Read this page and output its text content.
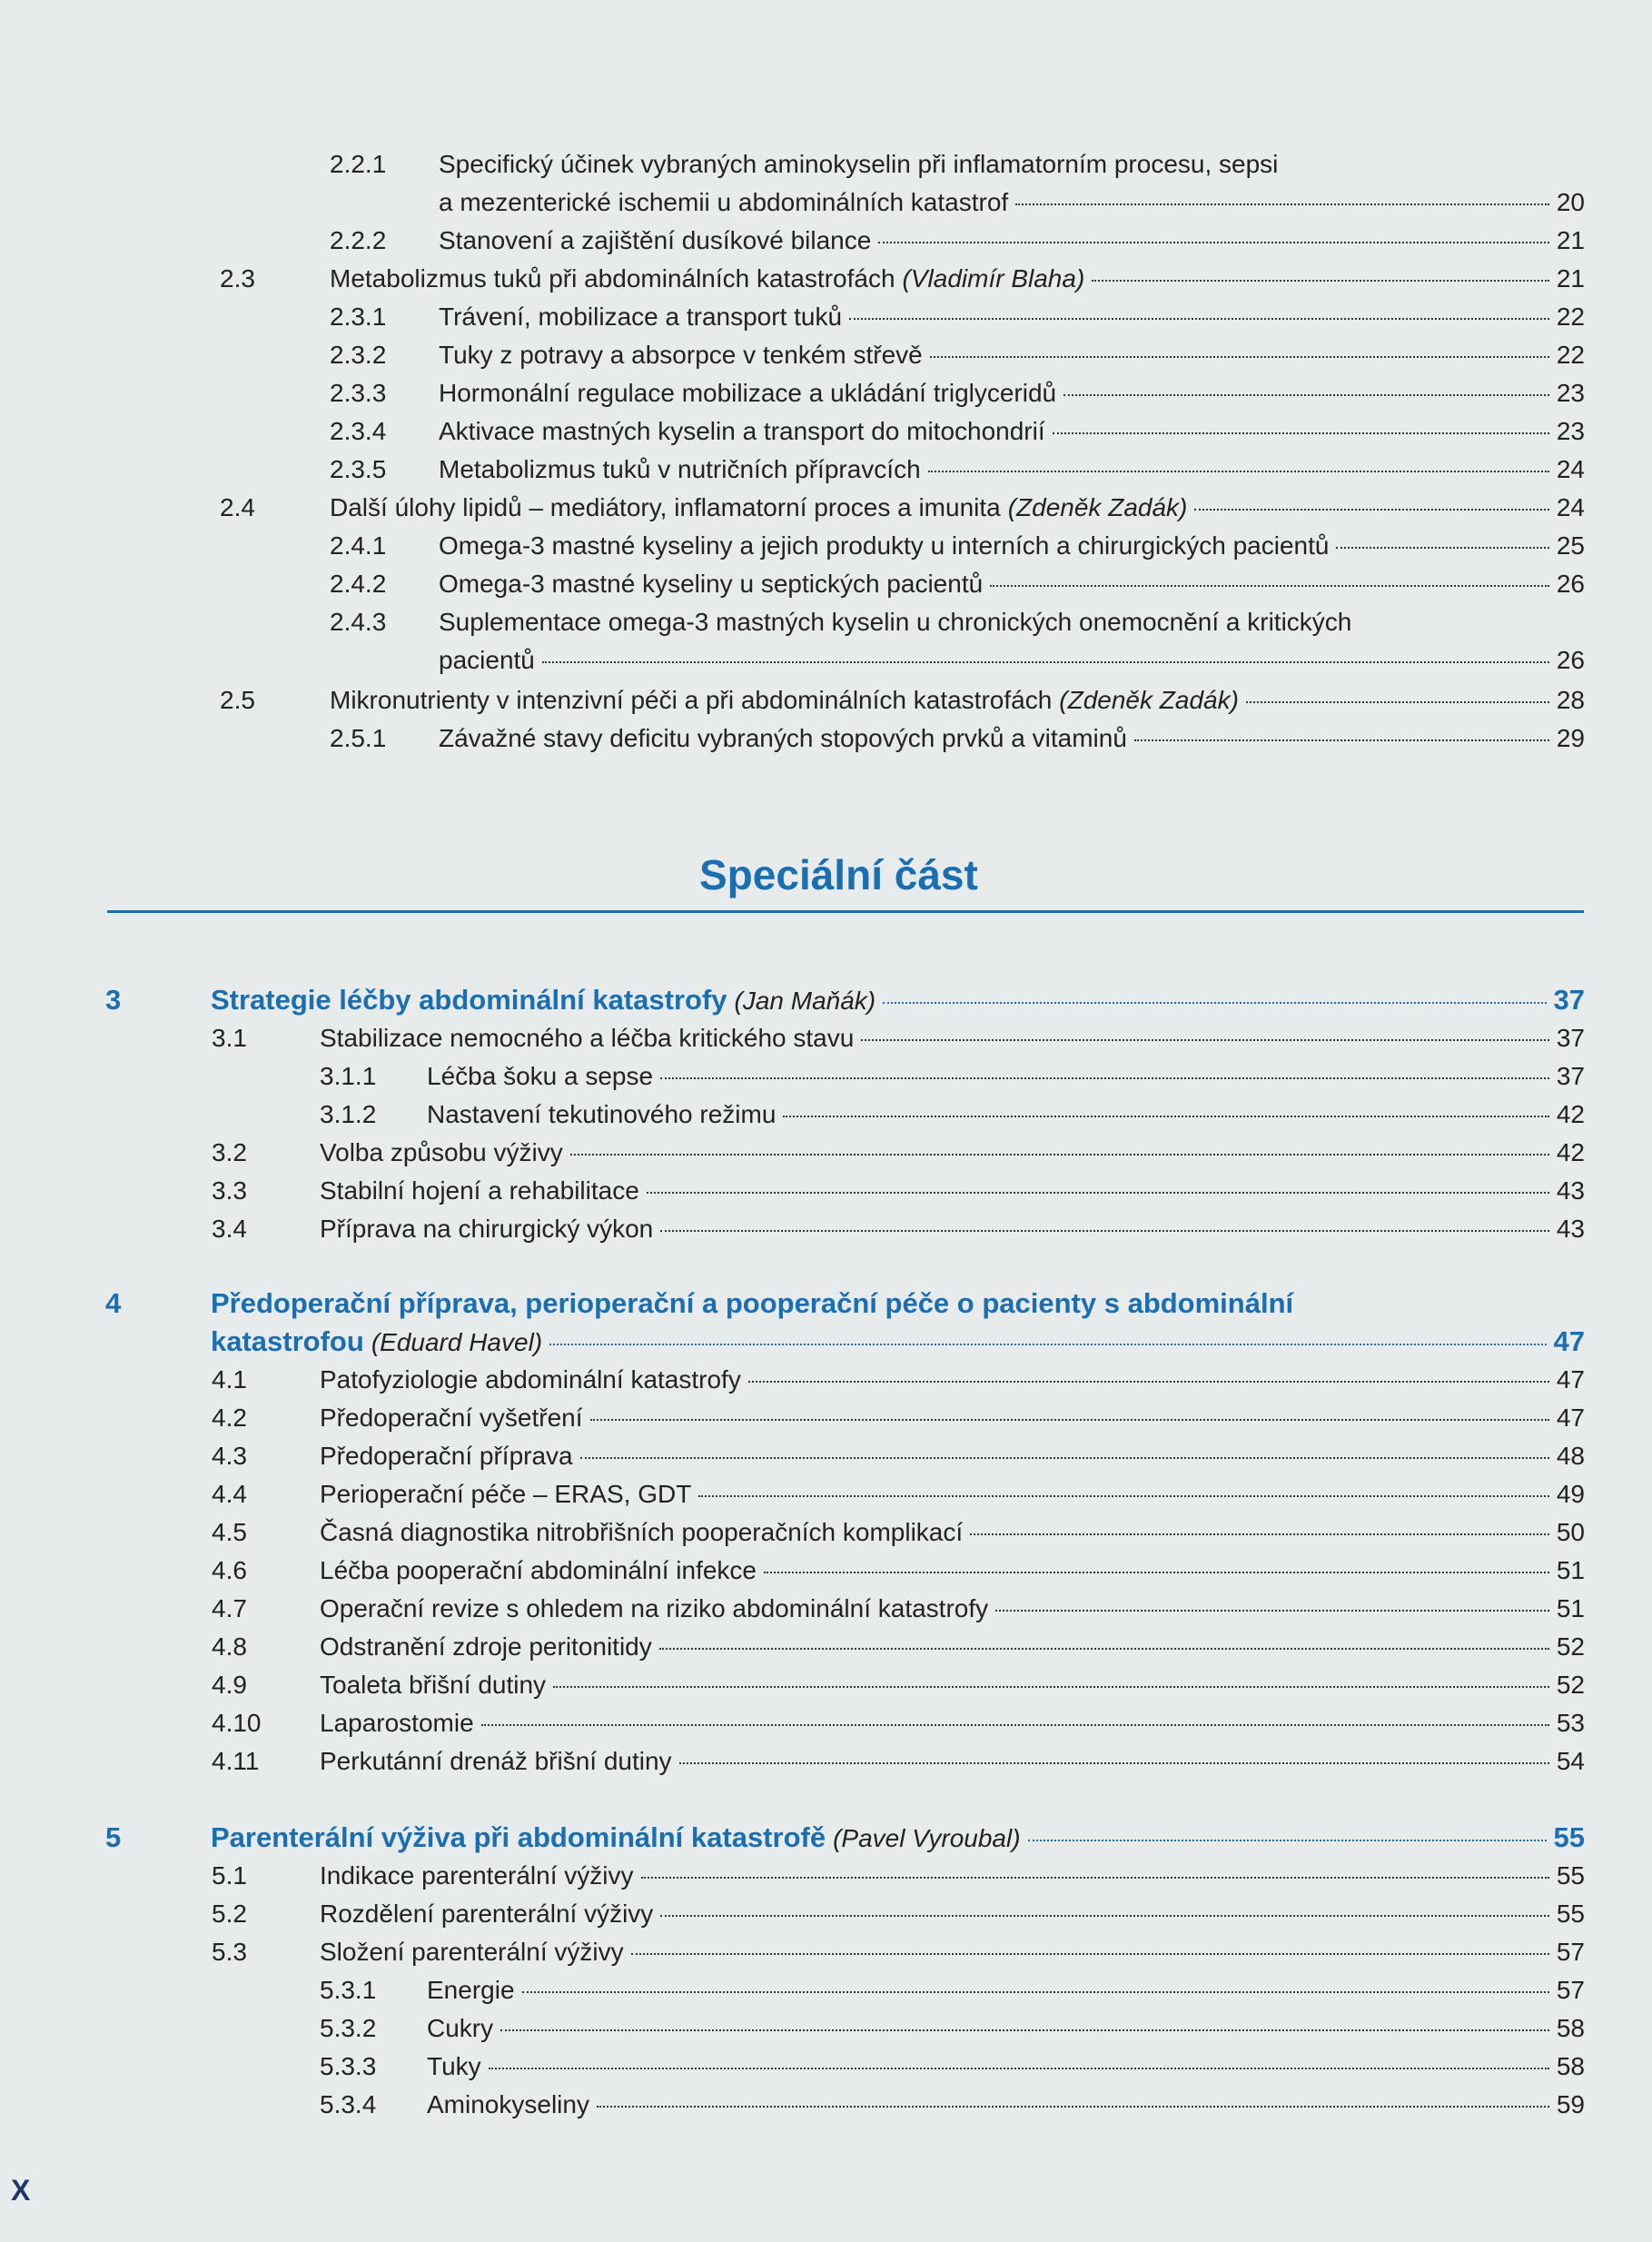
2.2.1 Specifický účinek vybraných aminokyselin při inflamatorním procesu, sepsi
a mezenterické ischemii u abdominálních katastrof	20
2.2.2 Stanovení a zajištění dusíkové bilance	21
2.3	Metabolizmus tuků při abdominálních katastrofách (Vladimír Blaha)	21
2.3.1 Trávení, mobilizace a transport tuků	22
2.3.2 Tuky z potravy a absorpce v tenkém střevě	22
2.3.3 Hormonální regulace mobilizace a ukládání triglyceridů	23
2.3.4 Aktivace mastných kyselin a transport do mitochondrií	23
2.3.5 Metabolizmus tuků v nutričních přípravcích	24
2.4	Další úlohy lipidů – mediátory, inflamatorní proces a imunita (Zdeněk Zadák)	24
2.4.1 Omega-3 mastné kyseliny a jejich produkty u interních a chirurgických pacientů	25
2.4.2 Omega-3 mastné kyseliny u septických pacientů	26
2.4.3 Suplementace omega-3 mastných kyselin u chronických onemocnění a kritických
pacientů	26
2.5	Mikronutrienty v intenzivní péči a při abdominálních katastrofách (Zdeněk Zadák)	28
2.5.1 Závažné stavy deficitu vybraných stopových prvků a vitaminů	29
Speciální část
3	Strategie léčby abdominální katastrofy (Jan Maňák)	37
3.1	Stabilizace nemocného a léčba kritického stavu	37
3.1.1 Léčba šoku a sepse	37
3.1.2 Nastavení tekutinového režimu	42
3.2	Volba způsobu výživy	42
3.3	Stabilní hojení a rehabilitace	43
3.4	Příprava na chirurgický výkon	43
4	Předoperační příprava, perioperační a pooperační péče o pacienty s abdominální
katastrofou (Eduard Havel)	47
4.1	Patofyziologie abdominální katastrofy	47
4.2	Předoperační vyšetření	47
4.3	Předoperační příprava	48
4.4	Perioperační péče – ERAS, GDT	49
4.5	Časná diagnostika nitrobřišních pooperačních komplikací	50
4.6	Léčba pooperační abdominální infekce	51
4.7	Operační revize s ohledem na riziko abdominální katastrofy	51
4.8	Odstranění zdroje peritonitidy	52
4.9	Toaleta břišní dutiny	52
4.10 Laparostomie	53
4.11 Perkutánní drenáž břišní dutiny	54
5	Parenterální výživa při abdominální katastrofě (Pavel Vyroubal)	55
5.1	Indikace parenterální výživy	55
5.2	Rozdělení parenterální výživy	55
5.3	Složení parenterální výživy	57
5.3.1 Energie	57
5.3.2 Cukry	58
5.3.3 Tuky	58
5.3.4 Aminokyseliny	59
X
